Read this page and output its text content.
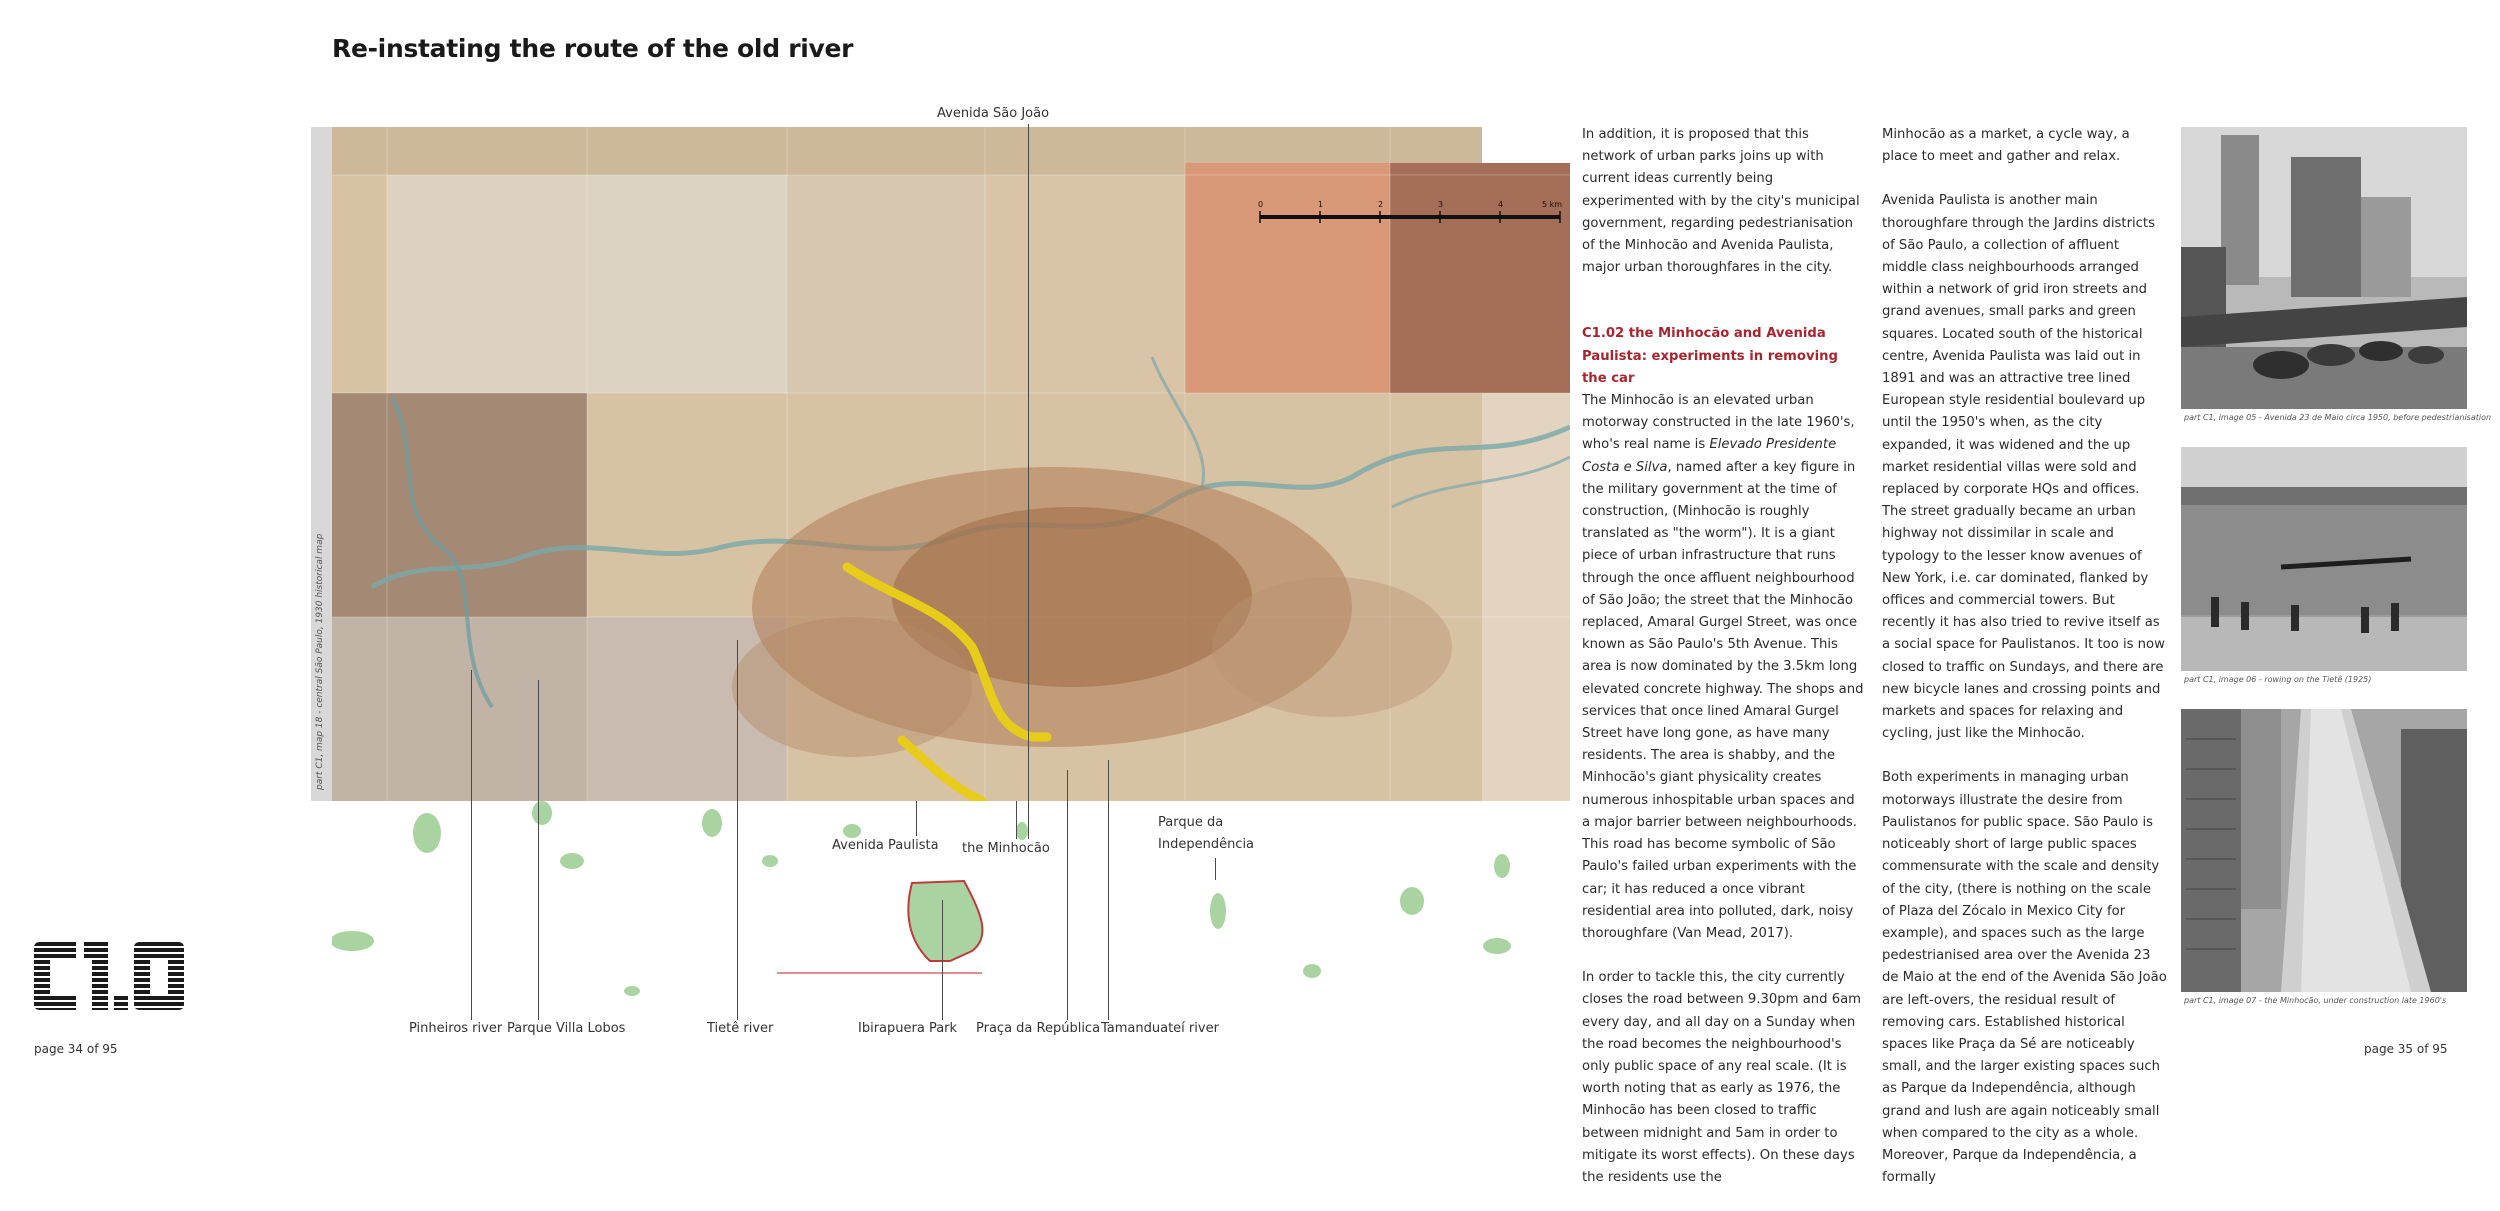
Re-instating the route of the old river
part C1, map 18 - central São Paulo, 1930 historical map
0	1	2	3	4	5 km
Avenida São João
Avenida Paulista the Minhocão
Parque da Independência
Pinheiros river Parque Villa Lobos	Tietê river	Ibirapuera Park Praça da República Tamanduateí river

In addition, it is proposed that this network of urban parks joins up with current ideas currently being experimented with by the city's municipal government, regarding pedestrianisation of the Minhocão and Avenida Paulista, major urban thoroughfares in the city.

C1.02 the Minhocão and Avenida Paulista: experiments in removing the car

The Minhocão is an elevated urban motorway constructed in the late 1960's, who's real name is Elevado Presidente Costa e Silva, named after a key figure in the military government at the time of construction, (Minhocão is roughly translated as "the worm"). It is a giant piece of urban infrastructure that runs through the once affluent neighbourhood of São João; the street that the Minhocão replaced, Amaral Gurgel Street, was once known as São Paulo's 5th Avenue. This area is now dominated by the 3.5km long elevated concrete highway. The shops and services that once lined Amaral Gurgel Street have long gone, as have many residents. The area is shabby, and the Minhocão's giant physicality creates numerous inhospitable urban spaces and a major barrier between neighbourhoods. This road has become symbolic of São Paulo's failed urban experiments with the car; it has reduced a once vibrant residential area into polluted, dark, noisy thoroughfare (Van Mead, 2017).

In order to tackle this, the city currently closes the road between 9.30pm and 6am every day, and all day on a Sunday when the road becomes the neighbourhood's only public space of any real scale. (It is worth noting that as early as 1976, the Minhocão has been closed to traffic between midnight and 5am in order to mitigate its worst effects). On these days the residents use the

Minhocão as a market, a cycle way, a place to meet and gather and relax.

Avenida Paulista is another main thoroughfare through the Jardins districts of São Paulo, a collection of affluent middle class neighbourhoods arranged within a network of grid iron streets and grand avenues, small parks and green squares. Located south of the historical centre, Avenida Paulista was laid out in 1891 and was an attractive tree lined European style residential boulevard up until the 1950's when, as the city expanded, it was widened and the up market residential villas were sold and replaced by corporate HQs and offices. The street gradually became an urban highway not dissimilar in scale and typology to the lesser know avenues of New York, i.e. car dominated, flanked by offices and commercial towers. But recently it has also tried to revive itself as a social space for Paulistanos. It too is now closed to traffic on Sundays, and there are new bicycle lanes and crossing points and markets and spaces for relaxing and cycling, just like the Minhocão.

Both experiments in managing urban motorways illustrate the desire from Paulistanos for public space. São Paulo is noticeably short of large public spaces commensurate with the scale and density of the city, (there is nothing on the scale of Plaza del Zócalo in Mexico City for example), and spaces such as the large pedestrianised area over the Avenida 23 de Maio at the end of the Avenida São João are left-overs, the residual result of removing cars. Established historical spaces like Praça da Sé are noticeably small, and the larger existing spaces such as Parque da Independência, although grand and lush are again noticeably small when compared to the city as a whole. Moreover, Parque da Independência, a formally

part C1, image 05 - Avenida 23 de Maio circa 1950, before pedestrianisation
part C1, image 06 - rowing on the Tietê (1925)
part C1, image 07 - the Minhocão, under construction late 1960's
page 34 of 95	page 35 of 95
